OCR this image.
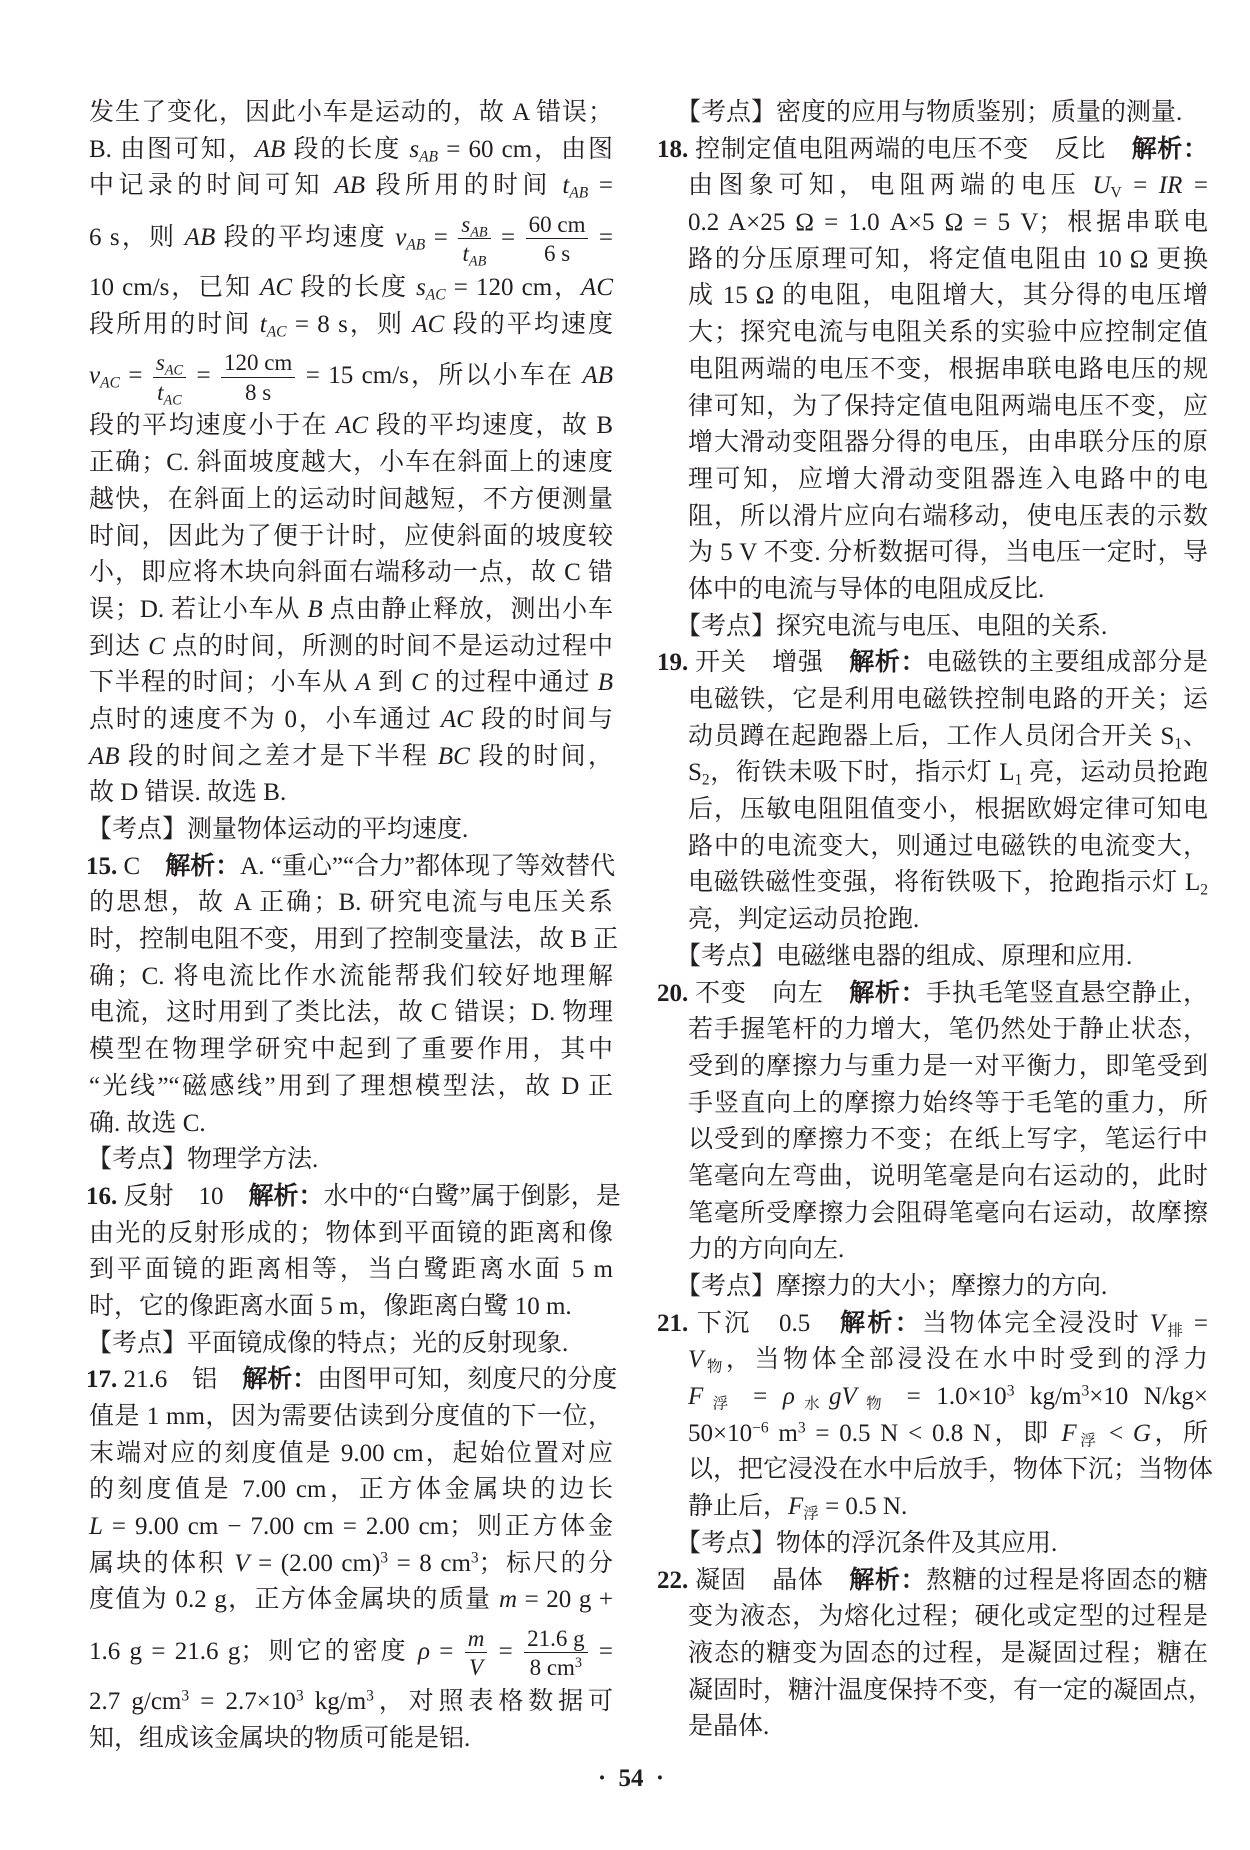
发生了变化，因此小车是运动的，故 A 错误；
B. 由图可知，AB 段的长度 $s_{AB} = 60$ cm，由图
中记录的时间可知 AB 段所用的时间 $t_{AB}$ =
6 s，则 AB 段的平均速度 $v_{AB} = \frac{s_{AB}}{t_{AB}} = \frac{60 cm}{6 s}$ =
10 cm/s，已知 AC 段的长度 $s_{AC} = 120$ cm，AC
段所用的时间 $t_{AC} = 8$ s，则 AC 段的平均速度
$v_{AC} = \frac{s_{AC}}{t_{AC}} = \frac{120 cm}{8 s} = 15$ cm/s，所以小车在 AB
段的平均速度小于在 AC 段的平均速度，故 B
正确；C. 斜面坡度越大，小车在斜面上的速度
越快，在斜面上的运动时间越短，不方便测量
时间，因此为了便于计时，应使斜面的坡度较
小，即应将木块向斜面右端移动一点，故 C 错
误；D. 若让小车从 B 点由静止释放，测出小车
到达 C 点的时间，所测的时间不是运动过程中
下半程的时间；小车从 A 到 C 的过程中通过 B
点时的速度不为 0，小车通过 AC 段的时间与
AB 段的时间之差才是下半程 BC 段的时间，
故 D 错误. 故选 B.
【考点】测量物体运动的平均速度.
15. C　解析：A. “重心”“合力”都体现了等效替代
的思想，故 A 正确；B. 研究电流与电压关系
时，控制电阻不变，用到了控制变量法，故 B 正
确；C. 将电流比作水流能帮我们较好地理解
电流，这时用到了类比法，故 C 错误；D. 物理
模型在物理学研究中起到了重要作用，其中
“光线”“磁感线”用到了理想模型法，故 D 正
确. 故选 C.
【考点】物理学方法.
16. 反射　10　解析：水中的“白鹭”属于倒影，是
由光的反射形成的；物体到平面镜的距离和像
到平面镜的距离相等，当白鹭距离水面 5 m
时，它的像距离水面 5 m，像距离白鹭 10 m.
【考点】平面镜成像的特点；光的反射现象.
17. 21.6　铝　解析：由图甲可知，刻度尺的分度
值是 1 mm，因为需要估读到分度值的下一位，
末端对应的刻度值是 9.00 cm，起始位置对应
的刻度值是 7.00 cm，正方体金属块的边长
L = 9.00 cm − 7.00 cm = 2.00 cm；则正方体金
属块的体积 V = (2.00 cm)$^3$ = 8 $cm^3$；标尺的分
度值为 0.2 g，正方体金属块的质量 m = 20 g +
1.6 g = 21.6 g；则它的密度 $\rho = \frac{m}{V} = \frac{21.6 g}{8 cm^3}$ =
2.7 $g/cm^3 = 2.7\times 10^3$ $kg/m^3$，对照表格数据可
知，组成该金属块的物质可能是铝.
【考点】密度的应用与物质鉴别；质量的测量.
18. 控制定值电阻两端的电压不变　反比　解析：
由图象可知，电阻两端的电压 $U_V$ = IR =
0.2 A×25 Ω = 1.0 A×5 Ω = 5 V；根据串联电
路的分压原理可知，将定值电阻由 10 Ω 更换
成 15 Ω 的电阻，电阻增大，其分得的电压增
大；探究电流与电阻关系的实验中应控制定值
电阻两端的电压不变，根据串联电路电压的规
律可知，为了保持定值电阻两端电压不变，应
增大滑动变阻器分得的电压，由串联分压的原
理可知，应增大滑动变阻器连入电路中的电
阻，所以滑片应向右端移动，使电压表的示数
为 5 V 不变. 分析数据可得，当电压一定时，导
体中的电流与导体的电阻成反比.
【考点】探究电流与电压、电阻的关系.
19. 开关　增强　解析：电磁铁的主要组成部分是
电磁铁，它是利用电磁铁控制电路的开关；运
动员蹲在起跑器上后，工作人员闭合开关 $S_1$、
$S_2$，衔铁未吸下时，指示灯 $L_1$ 亮，运动员抢跑
后，压敏电阻阻值变小，根据欧姆定律可知电
路中的电流变大，则通过电磁铁的电流变大，
电磁铁磁性变强，将衔铁吸下，抢跑指示灯 $L_2$
亮，判定运动员抢跑.
【考点】电磁继电器的组成、原理和应用.
20. 不变　向左　解析：手执毛笔竖直悬空静止，
若手握笔杆的力增大，笔仍然处于静止状态，
受到的摩擦力与重力是一对平衡力，即笔受到
手竖直向上的摩擦力始终等于毛笔的重力，所
以受到的摩擦力不变；在纸上写字，笔运行中
笔毫向左弯曲，说明笔毫是向右运动的，此时
笔毫所受摩擦力会阻碍笔毫向右运动，故摩擦
力的方向向左.
【考点】摩擦力的大小；摩擦力的方向.
21. 下沉　0.5　解析：当物体完全浸没时 $V_排$ =
$V_物$，当物体全部浸没在水中时受到的浮力
$F_浮 = \rho_水gV_物 = 1.0\times 10^3$ $kg/m^3\times 10$ N/kg×
$50\times 10^{-6}$ $m^3 = 0.5$ N < 0.8 N，即 $F_浮 < G$，所
以，把它浸没在水中后放手，物体下沉；当物体
静止后，$F_浮 = 0.5$ N.
【考点】物体的浮沉条件及其应用.
22. 凝固　晶体　解析：熬糖的过程是将固态的糖
变为液态，为熔化过程；硬化或定型的过程是
液态的糖变为固态的过程，是凝固过程；糖在
凝固时，糖汁温度保持不变，有一定的凝固点，
是晶体.
· 54 ·
